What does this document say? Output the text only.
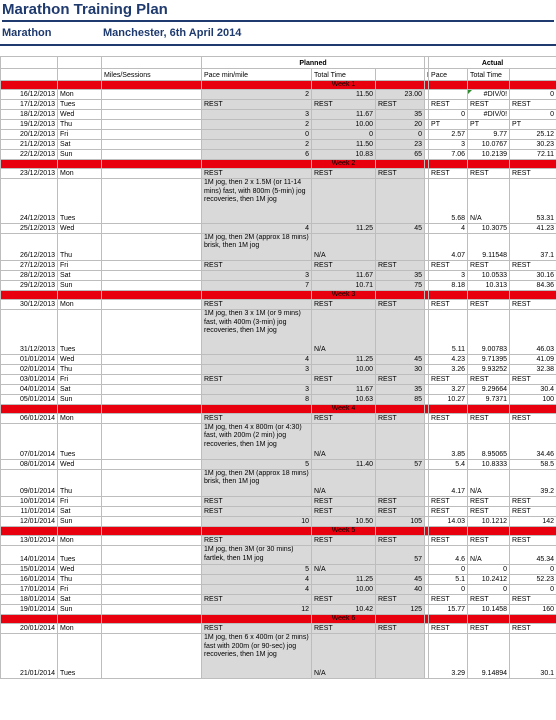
Marathon Training Plan
Marathon	Manchester, 6th April 2014
			Planned				Actual		
		Miles/Sessions	Pace min/mile	Total Time			Pace	Total Time	
				Week 1					
16/12/2013	Mon		2	11.50	23.00			#DIV/0!	0
17/12/2013	Tues		REST	REST	REST		REST	REST	REST
18/12/2013	Wed		3	11.67	35		0	#DIV/0!	0
19/12/2013	Thu		2	10.00	20		PT	PT	PT
20/12/2013	Fri		0	0	0		2.57	9.77	25.12
21/12/2013	Sat		2	11.50	23		3	10.0767	30.23
22/12/2013	Sun		6	10.83	65		7.06	10.2139	72.11
				Week 2					
23/12/2013	Mon		REST	REST	REST		REST	REST	REST
24/12/2013	Tues		1M jog, then 2 x 1.5M (or 11-14 mins) fast, with 800m (5-min) jog recoveries, then 1M jog				5.68	N/A	53.31
25/12/2013	Wed		4	11.25	45		4	10.3075	41.23
26/12/2013	Thu		1M jog, then 2M (approx 18 mins) brisk, then 1M jog	N/A			4.07	9.11548	37.1
27/12/2013	Fri		REST	REST	REST		REST	REST	REST
28/12/2013	Sat		3	11.67	35		3	10.0533	30.16
29/12/2013	Sun		7	10.71	75		8.18	10.313	84.36
				Week 3					
30/12/2013	Mon		REST	REST	REST		REST	REST	REST
31/12/2013	Tues		1M jog, then 3 x 1M (or 9 mins) fast, with 400m (3-min) jog recoveries, then 1M jog	N/A			5.11	9.00783	46.03
01/01/2014	Wed		4	11.25	45		4.23	9.71395	41.09
02/01/2014	Thu		3	10.00	30		3.26	9.93252	32.38
03/01/2014	Fri		REST	REST	REST		REST	REST	REST
04/01/2014	Sat		3	11.67	35		3.27	9.29664	30.4
05/01/2014	Sun		8	10.63	85		10.27	9.7371	100
				Week 4					
06/01/2014	Mon		REST	REST	REST		REST	REST	REST
07/01/2014	Tues		1M jog, then 4 x 800m (or 4:30) fast, with 200m (2 min) jog recoveries, then 1M jog	N/A			3.85	8.95065	34.46
08/01/2014	Wed		5	11.40	57		5.4	10.8333	58.5
09/01/2014	Thu		1M jog, then 2M (approx 18 mins) brisk, then 1M jog	N/A			4.17	N/A	39.2
10/01/2014	Fri		REST	REST	REST		REST	REST	REST
11/01/2014	Sat		REST	REST	REST		REST	REST	REST
12/01/2014	Sun		10	10.50	105		14.03	10.1212	142
				Week 5					
13/01/2014	Mon		REST	REST	REST		REST	REST	REST
14/01/2014	Tues		1M jog, then 3M (or 30 mins) fartlek, then 1M jog		57		4.6	N/A	45.34
15/01/2014	Wed		5	N/A			0	0	0
16/01/2014	Thu		4	11.25	45		5.1	10.2412	52.23
17/01/2014	Fri		4	10.00	40		0	0	0
18/01/2014	Sat		REST	REST	REST		REST	REST	REST
19/01/2014	Sun		12	10.42	125		15.77	10.1458	160
				Week 6					
20/01/2014	Mon		REST	REST	REST		REST	REST	REST
21/01/2014	Tues		1M jog, then 6 x 400m (or 2 mins) fast with 200m (or 90-sec) jog recoveries, then 1M jog	N/A			3.29	9.14894	30.1
